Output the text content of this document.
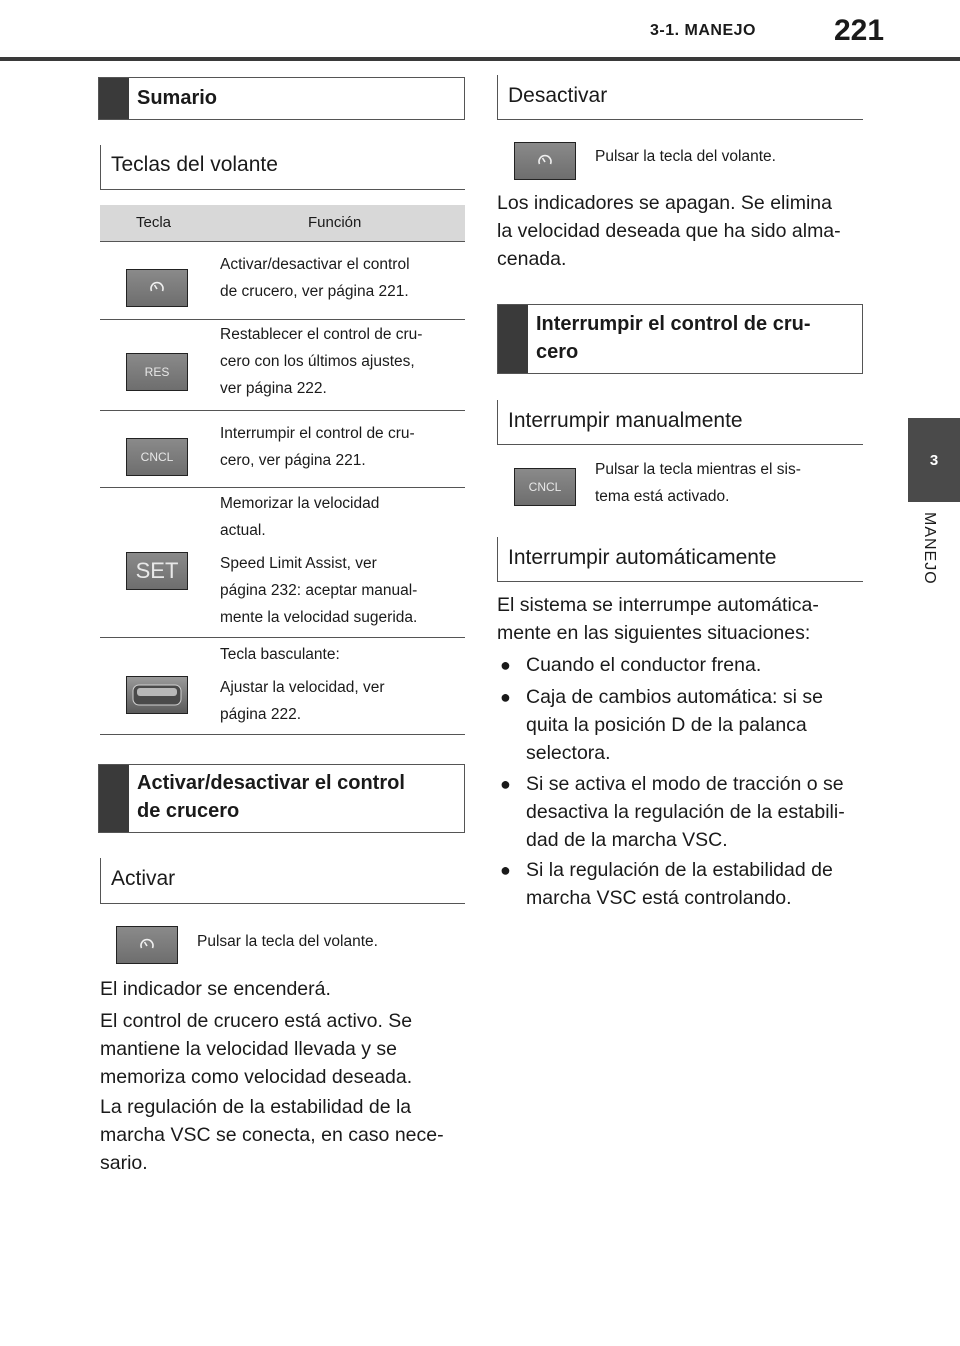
3-1. MANEJO	221
3
MANEJO
Sumario
Teclas del volante
Tecla	Función
Activar/desactivar el control
de crucero, ver página 221.
RES
Restablecer el control de cru-
cero con los últimos ajustes,
ver página 222.
CNCL
Interrumpir el control de cru-
cero, ver página 221.
SET
Memorizar la velocidad
actual.
Speed Limit Assist, ver
página 232: aceptar manual-
mente la velocidad sugerida.
Tecla basculante:
Ajustar la velocidad, ver
página 222.
Activar/desactivar el control
de crucero
Activar
Pulsar la tecla del volante.
El indicador se encenderá.
El control de crucero está activo. Se
mantiene la velocidad llevada y se
memoriza como velocidad deseada.
La regulación de la estabilidad de la
marcha VSC se conecta, en caso nece-
sario.
Desactivar
Pulsar la tecla del volante.
Los indicadores se apagan. Se elimina
la velocidad deseada que ha sido alma-
cenada.
Interrumpir el control de cru-
cero
Interrumpir manualmente
CNCL
Pulsar la tecla mientras el sis-
tema está activado.
Interrumpir automáticamente
El sistema se interrumpe automática-
mente en las siguientes situaciones:
● Cuando el conductor frena.
● Caja de cambios automática: si se
quita la posición D de la palanca
selectora.
● Si se activa el modo de tracción o se
desactiva la regulación de la estabili-
dad de la marcha VSC.
● Si la regulación de la estabilidad de
marcha VSC está controlando.
